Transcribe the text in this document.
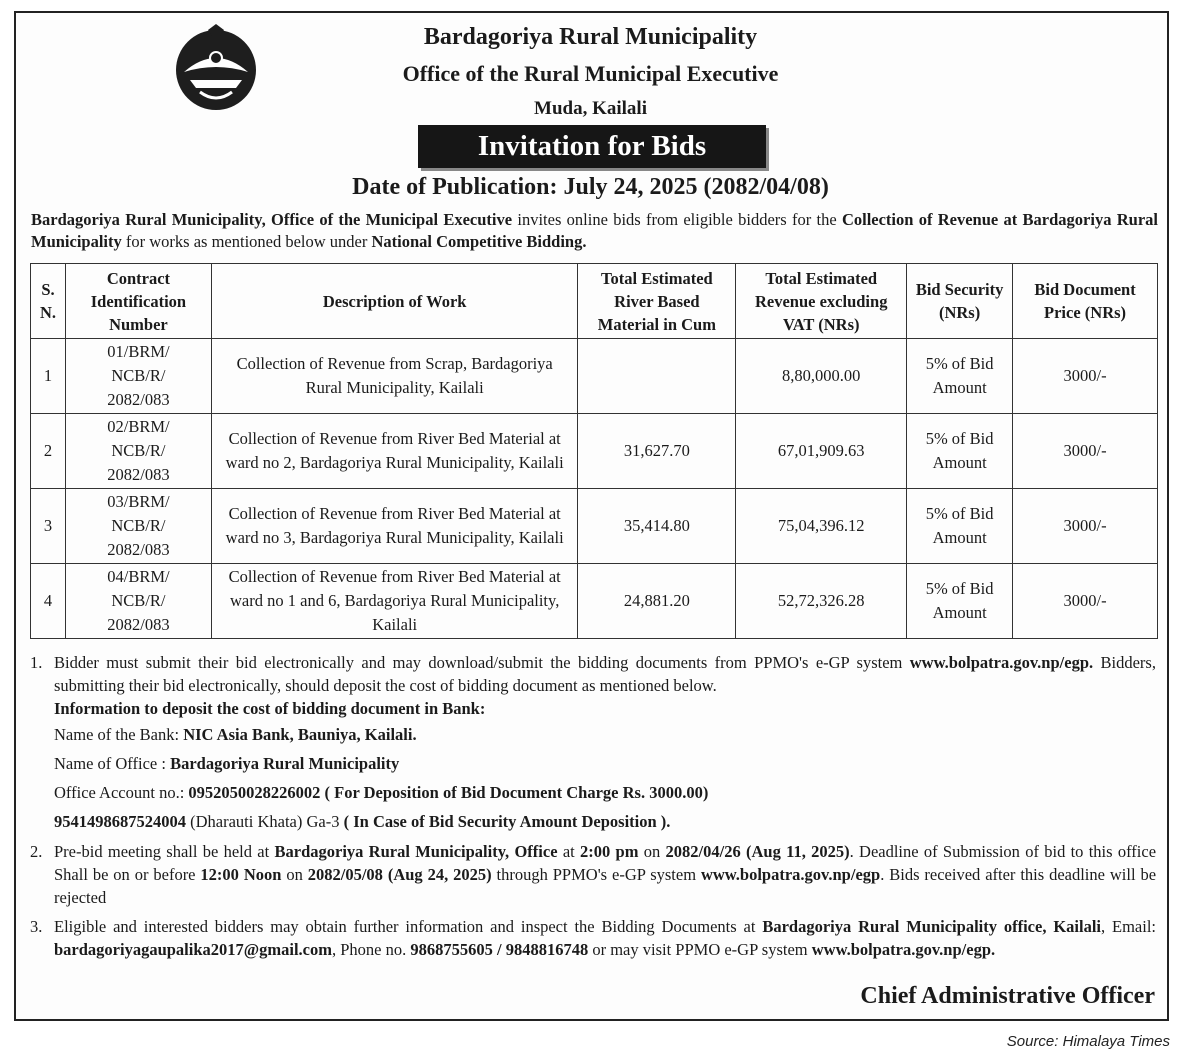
Bardagoriya Rural Municipality
Office of the Rural Municipal Executive
Muda, Kailali
Invitation for Bids
Date of Publication: July 24, 2025 (2082/04/08)
Bardagoriya Rural Municipality, Office of the Municipal Executive invites online bids from eligible bidders for the Collection of Revenue at Bardagoriya Rural Municipality for works as mentioned below under National Competitive Bidding.
S. N.	Contract Identification Number	Description of Work	Total Estimated River Based Material in Cum	Total Estimated Revenue excluding VAT (NRs)	Bid Security (NRs)	Bid Document Price (NRs)
1	01/BRM/
NCB/R/
2082/083	Collection of Revenue from Scrap, Bardagoriya Rural Municipality, Kailali		8,80,000.00	5% of Bid Amount	3000/-
2	02/BRM/
NCB/R/
2082/083	Collection of Revenue from River Bed Material at ward no 2, Bardagoriya Rural Municipality, Kailali	31,627.70	67,01,909.63	5% of Bid Amount	3000/-
3	03/BRM/
NCB/R/
2082/083	Collection of Revenue from River Bed Material at ward no 3, Bardagoriya Rural Municipality, Kailali	35,414.80	75,04,396.12	5% of Bid Amount	3000/-
4	04/BRM/
NCB/R/
2082/083	Collection of Revenue from River Bed Material at ward no 1 and 6, Bardagoriya Rural Municipality, Kailali	24,881.20	52,72,326.28	5% of Bid Amount	3000/-
1. Bidder must submit their bid electronically and may download/submit the bidding documents from PPMO's e-GP system www.bolpatra.gov.np/egp. Bidders, submitting their bid electronically, should deposit the cost of bidding document as mentioned below.
Information to deposit the cost of bidding document in Bank:
Name of the Bank: NIC Asia Bank, Bauniya, Kailali.
Name of Office : Bardagoriya Rural Municipality
Office Account no.: 0952050028226002 ( For Deposition of Bid Document Charge Rs. 3000.00)
9541498687524004 (Dharauti Khata) Ga-3 ( In Case of Bid Security Amount Deposition ).
2. Pre-bid meeting shall be held at Bardagoriya Rural Municipality, Office at 2:00 pm on 2082/04/26 (Aug 11, 2025). Deadline of Submission of bid to this office Shall be on or before 12:00 Noon on 2082/05/08 (Aug 24, 2025) through PPMO's e-GP system www.bolpatra.gov.np/egp. Bids received after this deadline will be rejected
3. Eligible and interested bidders may obtain further information and inspect the Bidding Documents at Bardagoriya Rural Municipality office, Kailali, Email: bardagoriyagaupalika2017@gmail.com, Phone no. 9868755605 / 9848816748 or may visit PPMO e-GP system www.bolpatra.gov.np/egp.
Chief Administrative Officer
Source: Himalaya Times
